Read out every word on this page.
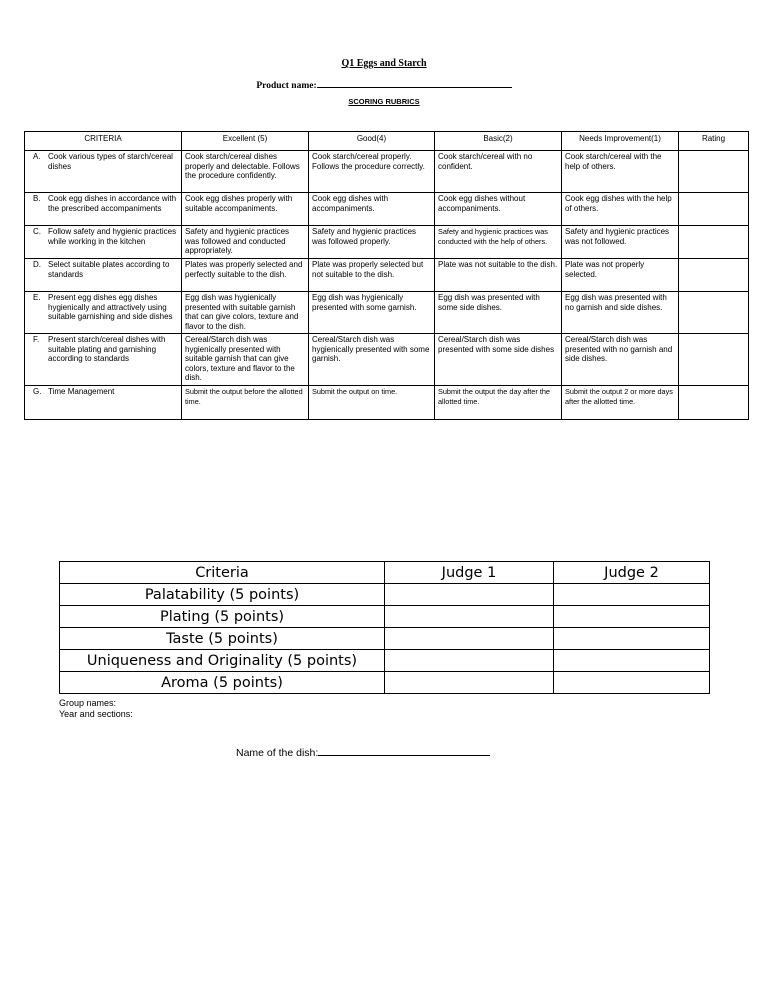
Q1 Eggs and Starch
Product name:
SCORING RUBRICS
CRITERIA	Excellent (5)	Good(4)	Basic(2)	Needs Improvement(1)	Rating

A. Cook various types of starch/cereal dishes	Cook starch/cereal dishes properly and delectable. Follows the procedure confidently.	Cook starch/cereal properly. Follows the procedure correctly.	Cook starch/cereal with no confident.	Cook starch/cereal with the help of others.	

B. Cook egg dishes in accordance with the prescribed accompaniments	Cook egg dishes properly with suitable accompaniments.	Cook egg dishes with accompaniments.	Cook egg dishes without accompaniments.	Cook egg dishes with the help of others.	

C. Follow safety and hygienic practices while working in the kitchen	Safety and hygienic practices was followed and conducted appropriately.	Safety and hygienic practices was followed properly.	Safety and hygienic practices was conducted with the help of others.	Safety and hygienic practices was not followed.	

D. Select suitable plates according to standards	Plates was properly selected and perfectly suitable to the dish.	Plate was properly selected but not suitable to the dish.	Plate was not suitable to the dish.	Plate was not properly selected.	

E. Present egg dishes egg dishes hygienically and attractively using suitable garnishing and side dishes	Egg dish was hygienically presented with suitable garnish that can give colors, texture and flavor to the dish.	Egg dish was hygienically presented with some garnish.	Egg dish was presented with some side dishes.	Egg dish was presented with no garnish and side dishes.	

F. Present starch/cereal dishes with suitable plating and garnishing according to standards	Cereal/Starch dish was hygienically presented with suitable garnish that can give colors, texture and flavor to the dish.	Cereal/Starch dish was hygienically presented with some garnish.	Cereal/Starch dish was presented with some side dishes	Cereal/Starch dish was presented with no garnish and side dishes.	

G. Time Management	Submit the output before the allotted time.	Submit the output on time.	Submit the output the day after the allotted time.	Submit the output 2 or more days after the allotted time.	
Criteria	Judge 1	Judge 2
Palatability (5 points)		
Plating (5 points)		
Taste (5 points)		
Uniqueness and Originality (5 points)		
Aroma (5 points)		
Group names:
Year and sections:
Name of the dish:
